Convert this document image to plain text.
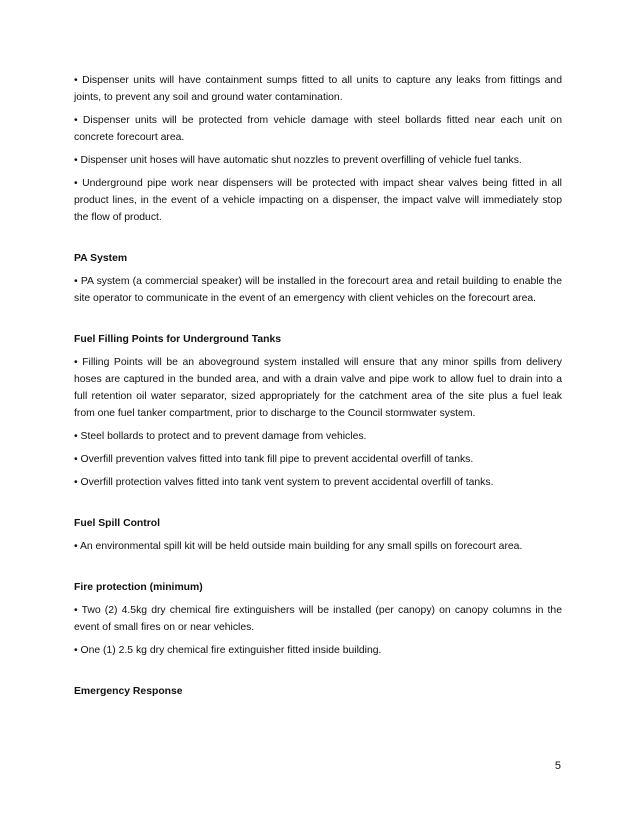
• Dispenser units will have containment sumps fitted to all units to capture any leaks from fittings and joints, to prevent any soil and ground water contamination.

• Dispenser units will be protected from vehicle damage with steel bollards fitted near each unit on concrete forecourt area.

• Dispenser unit hoses will have automatic shut nozzles to prevent overfilling of vehicle fuel tanks.

• Underground pipe work near dispensers will be protected with impact shear valves being fitted in all product lines, in the event of a vehicle impacting on a dispenser, the impact valve will immediately stop the flow of product.

PA System

• PA system (a commercial speaker) will be installed in the forecourt area and retail building to enable the site operator to communicate in the event of an emergency with client vehicles on the forecourt area.

Fuel Filling Points for Underground Tanks

• Filling Points will be an aboveground system installed will ensure that any minor spills from delivery hoses are captured in the bunded area, and with a drain valve and pipe work to allow fuel to drain into a full retention oil water separator, sized appropriately for the catchment area of the site plus a fuel leak from one fuel tanker compartment, prior to discharge to the Council stormwater system.

• Steel bollards to protect and to prevent damage from vehicles.

• Overfill prevention valves fitted into tank fill pipe to prevent accidental overfill of tanks.

• Overfill protection valves fitted into tank vent system to prevent accidental overfill of tanks.

Fuel Spill Control

• An environmental spill kit will be held outside main building for any small spills on forecourt area.

Fire protection (minimum)

• Two (2) 4.5kg dry chemical fire extinguishers will be installed (per canopy) on canopy columns in the event of small fires on or near vehicles.

• One (1) 2.5 kg dry chemical fire extinguisher fitted inside building.

Emergency Response
5
